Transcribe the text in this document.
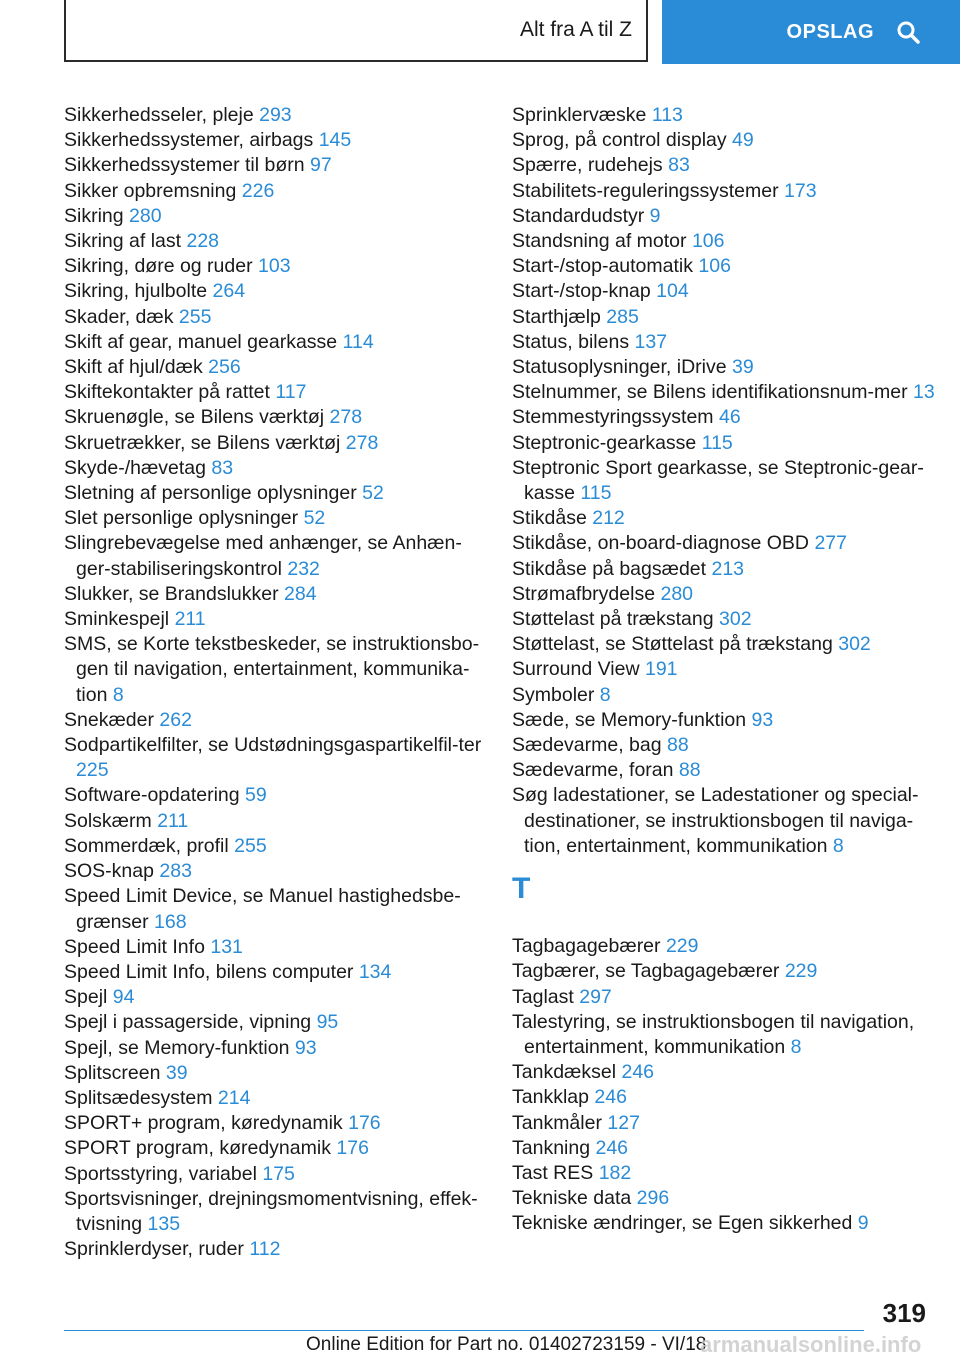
Alt fra A til Z	OPSLAG
Sikkerhedsseler, pleje 293
Sikkerhedssystemer, airbags 145
Sikkerhedssystemer til børn 97
Sikker opbremsning 226
Sikring 280
Sikring af last 228
Sikring, døre og ruder 103
Sikring, hjulbolte 264
Skader, dæk 255
Skift af gear, manuel gearkasse 114
Skift af hjul/dæk 256
Skiftekontakter på rattet 117
Skruenøgle, se Bilens værktøj 278
Skruetrækker, se Bilens værktøj 278
Skyde-/hævetag 83
Sletning af personlige oplysninger 52
Slet personlige oplysninger 52
Slingrebevægelse med anhænger, se Anhæn-ger-stabiliseringskontrol 232
Slukker, se Brandslukker 284
Sminkespejl 211
SMS, se Korte tekstbeskeder, se instruktionsbo-gen til navigation, entertainment, kommunika-tion 8
Snekæder 262
Sodpartikelfilter, se Udstødningsgaspartikelfil-ter 225
Software-opdatering 59
Solskærm 211
Sommerdæk, profil 255
SOS-knap 283
Speed Limit Device, se Manuel hastighedsbe-grænser 168
Speed Limit Info 131
Speed Limit Info, bilens computer 134
Spejl 94
Spejl i passagerside, vipning 95
Spejl, se Memory-funktion 93
Splitscreen 39
Splitsædesystem 214
SPORT+ program, køredynamik 176
SPORT program, køredynamik 176
Sportsstyring, variabel 175
Sportsvisninger, drejningsmomentvisning, effek-tvisning 135
Sprinklerdyser, ruder 112
Sprinklervæske 113
Sprog, på control display 49
Spærre, rudehejs 83
Stabilitets-reguleringssystemer 173
Standardudstyr 9
Standsning af motor 106
Start-/stop-automatik 106
Start-/stop-knap 104
Starthjælp 285
Status, bilens 137
Statusoplysninger, iDrive 39
Stelnummer, se Bilens identifikationsnum-mer 13
Stemmestyringssystem 46
Steptronic-gearkasse 115
Steptronic Sport gearkasse, se Steptronic-gear-kasse 115
Stikdåse 212
Stikdåse, on-board-diagnose OBD 277
Stikdåse på bagsædet 213
Strømafbrydelse 280
Støttelast på trækstang 302
Støttelast, se Støttelast på trækstang 302
Surround View 191
Symboler 8
Sæde, se Memory-funktion 93
Sædevarme, bag 88
Sædevarme, foran 88
Søg ladestationer, se Ladestationer og special-destinationer, se instruktionsbogen til naviga-tion, entertainment, kommunikation 8
T
Tagbagagebærer 229
Tagbærer, se Tagbagagebærer 229
Taglast 297
Talestyring, se instruktionsbogen til navigation, entertainment, kommunikation 8
Tankdæksel 246
Tankklap 246
Tankmåler 127
Tankning 246
Tast RES 182
Tekniske data 296
Tekniske ændringer, se Egen sikkerhed 9
319
Online Edition for Part no. 01402723159 - VI/18
armanualsonline.info
